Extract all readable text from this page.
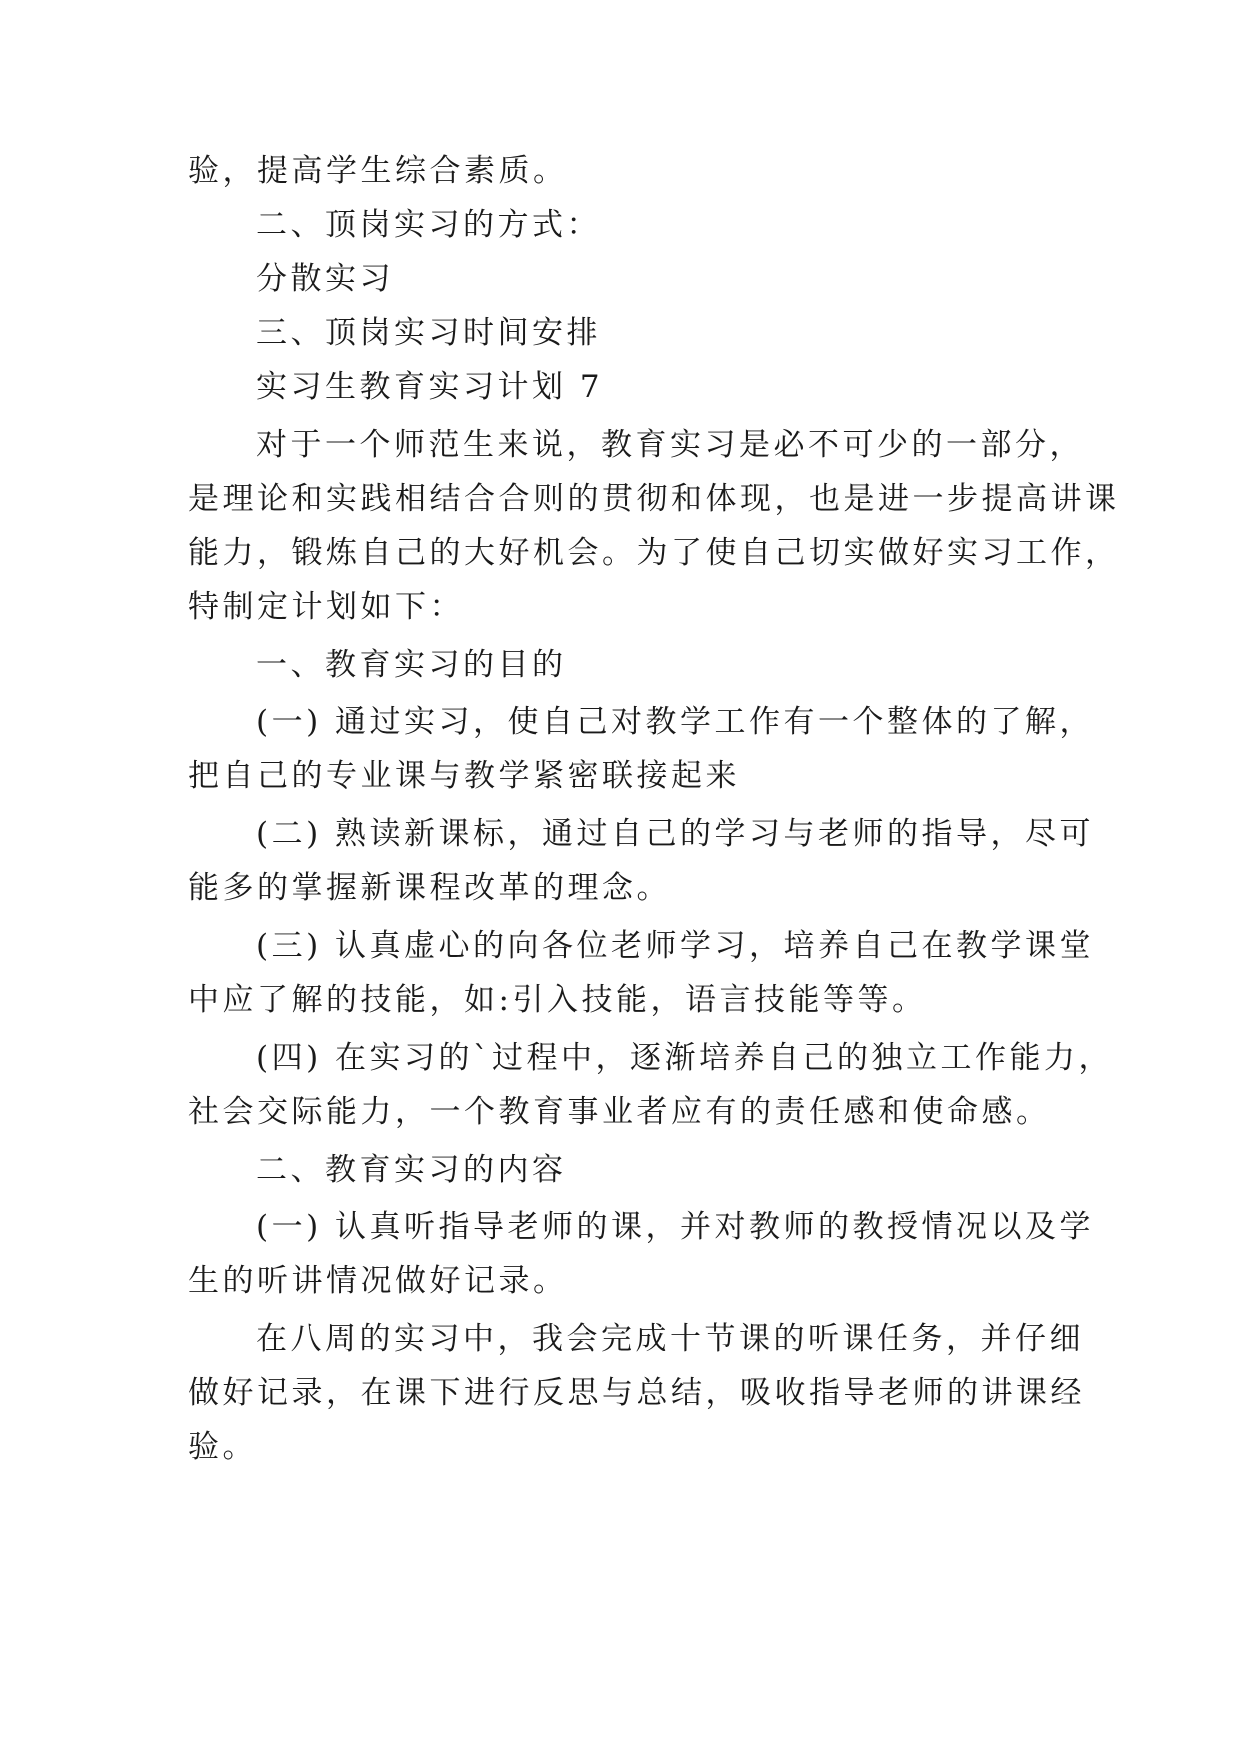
验，提高学生综合素质。
二、顶岗实习的方式：
分散实习
三、顶岗实习时间安排
实习生教育实习计划 7
对于一个师范生来说，教育实习是必不可少的一部分，
是理论和实践相结合合则的贯彻和体现，也是进一步提高讲课
能力，锻炼自己的大好机会。为了使自己切实做好实习工作，
特制定计划如下：
一、教育实习的目的
(一) 通过实习，使自己对教学工作有一个整体的了解，
把自己的专业课与教学紧密联接起来
(二) 熟读新课标，通过自己的学习与老师的指导，尽可
能多的掌握新课程改革的理念。
(三) 认真虚心的向各位老师学习，培养自己在教学课堂
中应了解的技能，如:引入技能，语言技能等等。
(四) 在实习的`过程中，逐渐培养自己的独立工作能力，
社会交际能力，一个教育事业者应有的责任感和使命感。
二、教育实习的内容
(一) 认真听指导老师的课，并对教师的教授情况以及学
生的听讲情况做好记录。
在八周的实习中，我会完成十节课的听课任务，并仔细
做好记录，在课下进行反思与总结，吸收指导老师的讲课经
验。
